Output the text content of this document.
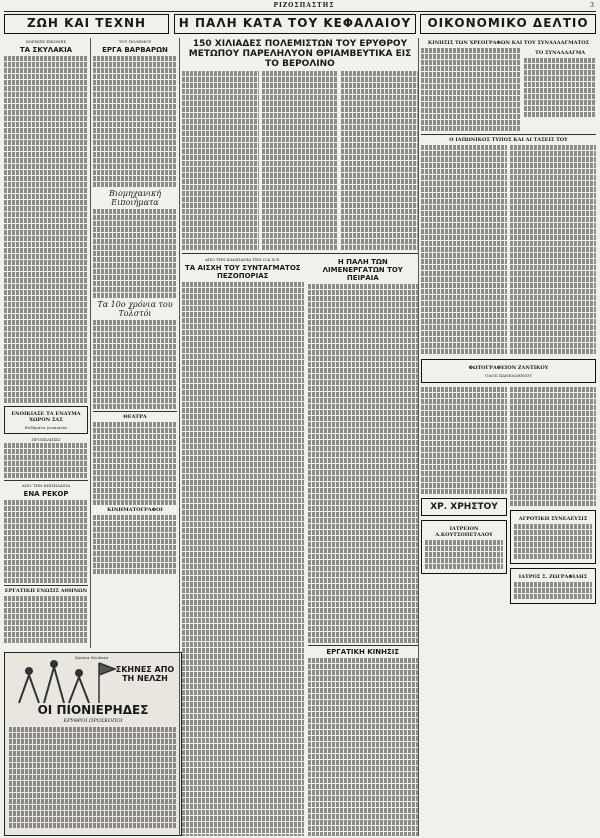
ΡΙΖΟΣΠΑΣΤΗΣ	3
ΖΩΗ ΚΑΙ ΤΕΧΝΗ	Η ΠΑΛΗ ΚΑΤΑ ΤΟΥ ΚΕΦΑΛΑΙΟΥ	ΟΙΚΟΝΟΜΙΚΟ ΔΕΛΤΙΟ
ΧΩΡΙΚΕΣ ΕΙΚΟΝΕΣ
ΤΑ ΣΚΥΛΑΚΙΑ
ΕΝΟΙΚΙΑΣΕ ΤΑ ΕΝΔΥΜΑ ΧΩΡΟΝ ΣΑΣ
Ενδύματα γυναικεία
ΠΡΟΣΚΛΗΣΙΣ
ΑΠΟ ΤΗΝ ΚΩΠΗΛΑΣΙΑ
ΕΝΑ ΡΕΚΟΡ
ΕΡΓΑΤΙΚΗ ΕΝΩΣΙΣ ΑΘΗΝΩΝ
ΤΟΥ ΠΟΛΕΜΟΥ
ΕΡΓΑ ΒΑΡΒΑΡΩΝ
Βιομηχανική Ειποιήματα
Τα 10ο χρόνια του Τολστόι
ΘΕΑΤΡΑ
ΚΙΝΗΜΑΤΟΓΡΑΦΟΙ
Χρόνια Νεολαία
ΣΚΗΝΕΣ ΑΠΟ ΤΗ ΝΕΛΖΗ
ΟΙ ΠΙΟΝΙΕΡΗΔΕΣ
ΕΡΥΘΡΟΙ ΠΡΟΣΚΟΠΟΙ
150 ΧΙΛΙΑΔΕΣ ΠΟΛΕΜΙΣΤΩΝ ΤΟΥ ΕΡΥΘΡΟΥ ΜΕΤΩΠΟΥ ΠΑΡΕΛΗΛΥΟΝ ΘΡΙΑΜΒΕΥΤΙΚΑ ΕΙΣ ΤΟ ΒΕΡΟΛΙΝΟ
ΑΠΟ ΤΗΝ ΚΑΜΠΑΝΙΑ ΤΗΣ Ο.Κ.Ν.Ε.
ΤΑ ΑΙΣΧΗ ΤΟΥ ΣΥΝΤΑΓΜΑΤΟΣ ΠΕΖΟΠΟΡΙΑΣ
Η ΠΑΛΗ ΤΩΝ ΛΙΜΕΝΕΡΓΑΤΩΝ ΤΟΥ ΠΕΙΡΑΙΑ
ΕΡΓΑΤΙΚΗ ΚΙΝΗΣΙΣ
ΚΙΝΗΣΙΣ ΤΩΝ ΧΡΕΟΓΡΑΦΩΝ ΚΑΙ ΤΟΥ ΣΥΝΑΛΛΑΓΜΑΤΟΣ
ΤΟ ΣΥΝΑΛΛΑΓΜΑ
Ο ΙΑΠΩΝΙΚΟΣ ΤΥΠΟΣ ΚΑΙ ΑΙ ΤΑΣΕΙΣ ΤΟΥ
ΦΩΤΟΓΡΑΦΕΙΟΝ ΖΑΝΤΙΚΟΥ
ΟΔΟΣ ΠΑΝΕΛΛΗΝΙΟΥ
ΧΡ. ΧΡΗΣΤΟΥ
ΙΑΤΡΕΙΟΝ Α.ΚΟΥΤΣΟΠΕΤΑΛΟΥ
ΑΓΡΟΤΙΚΗ ΣΥΝΕΛΕΥΣΙΣ
ΙΑΤΡΟΣ Σ. ΖΩΓΡΑΦΙΔΗΣ
